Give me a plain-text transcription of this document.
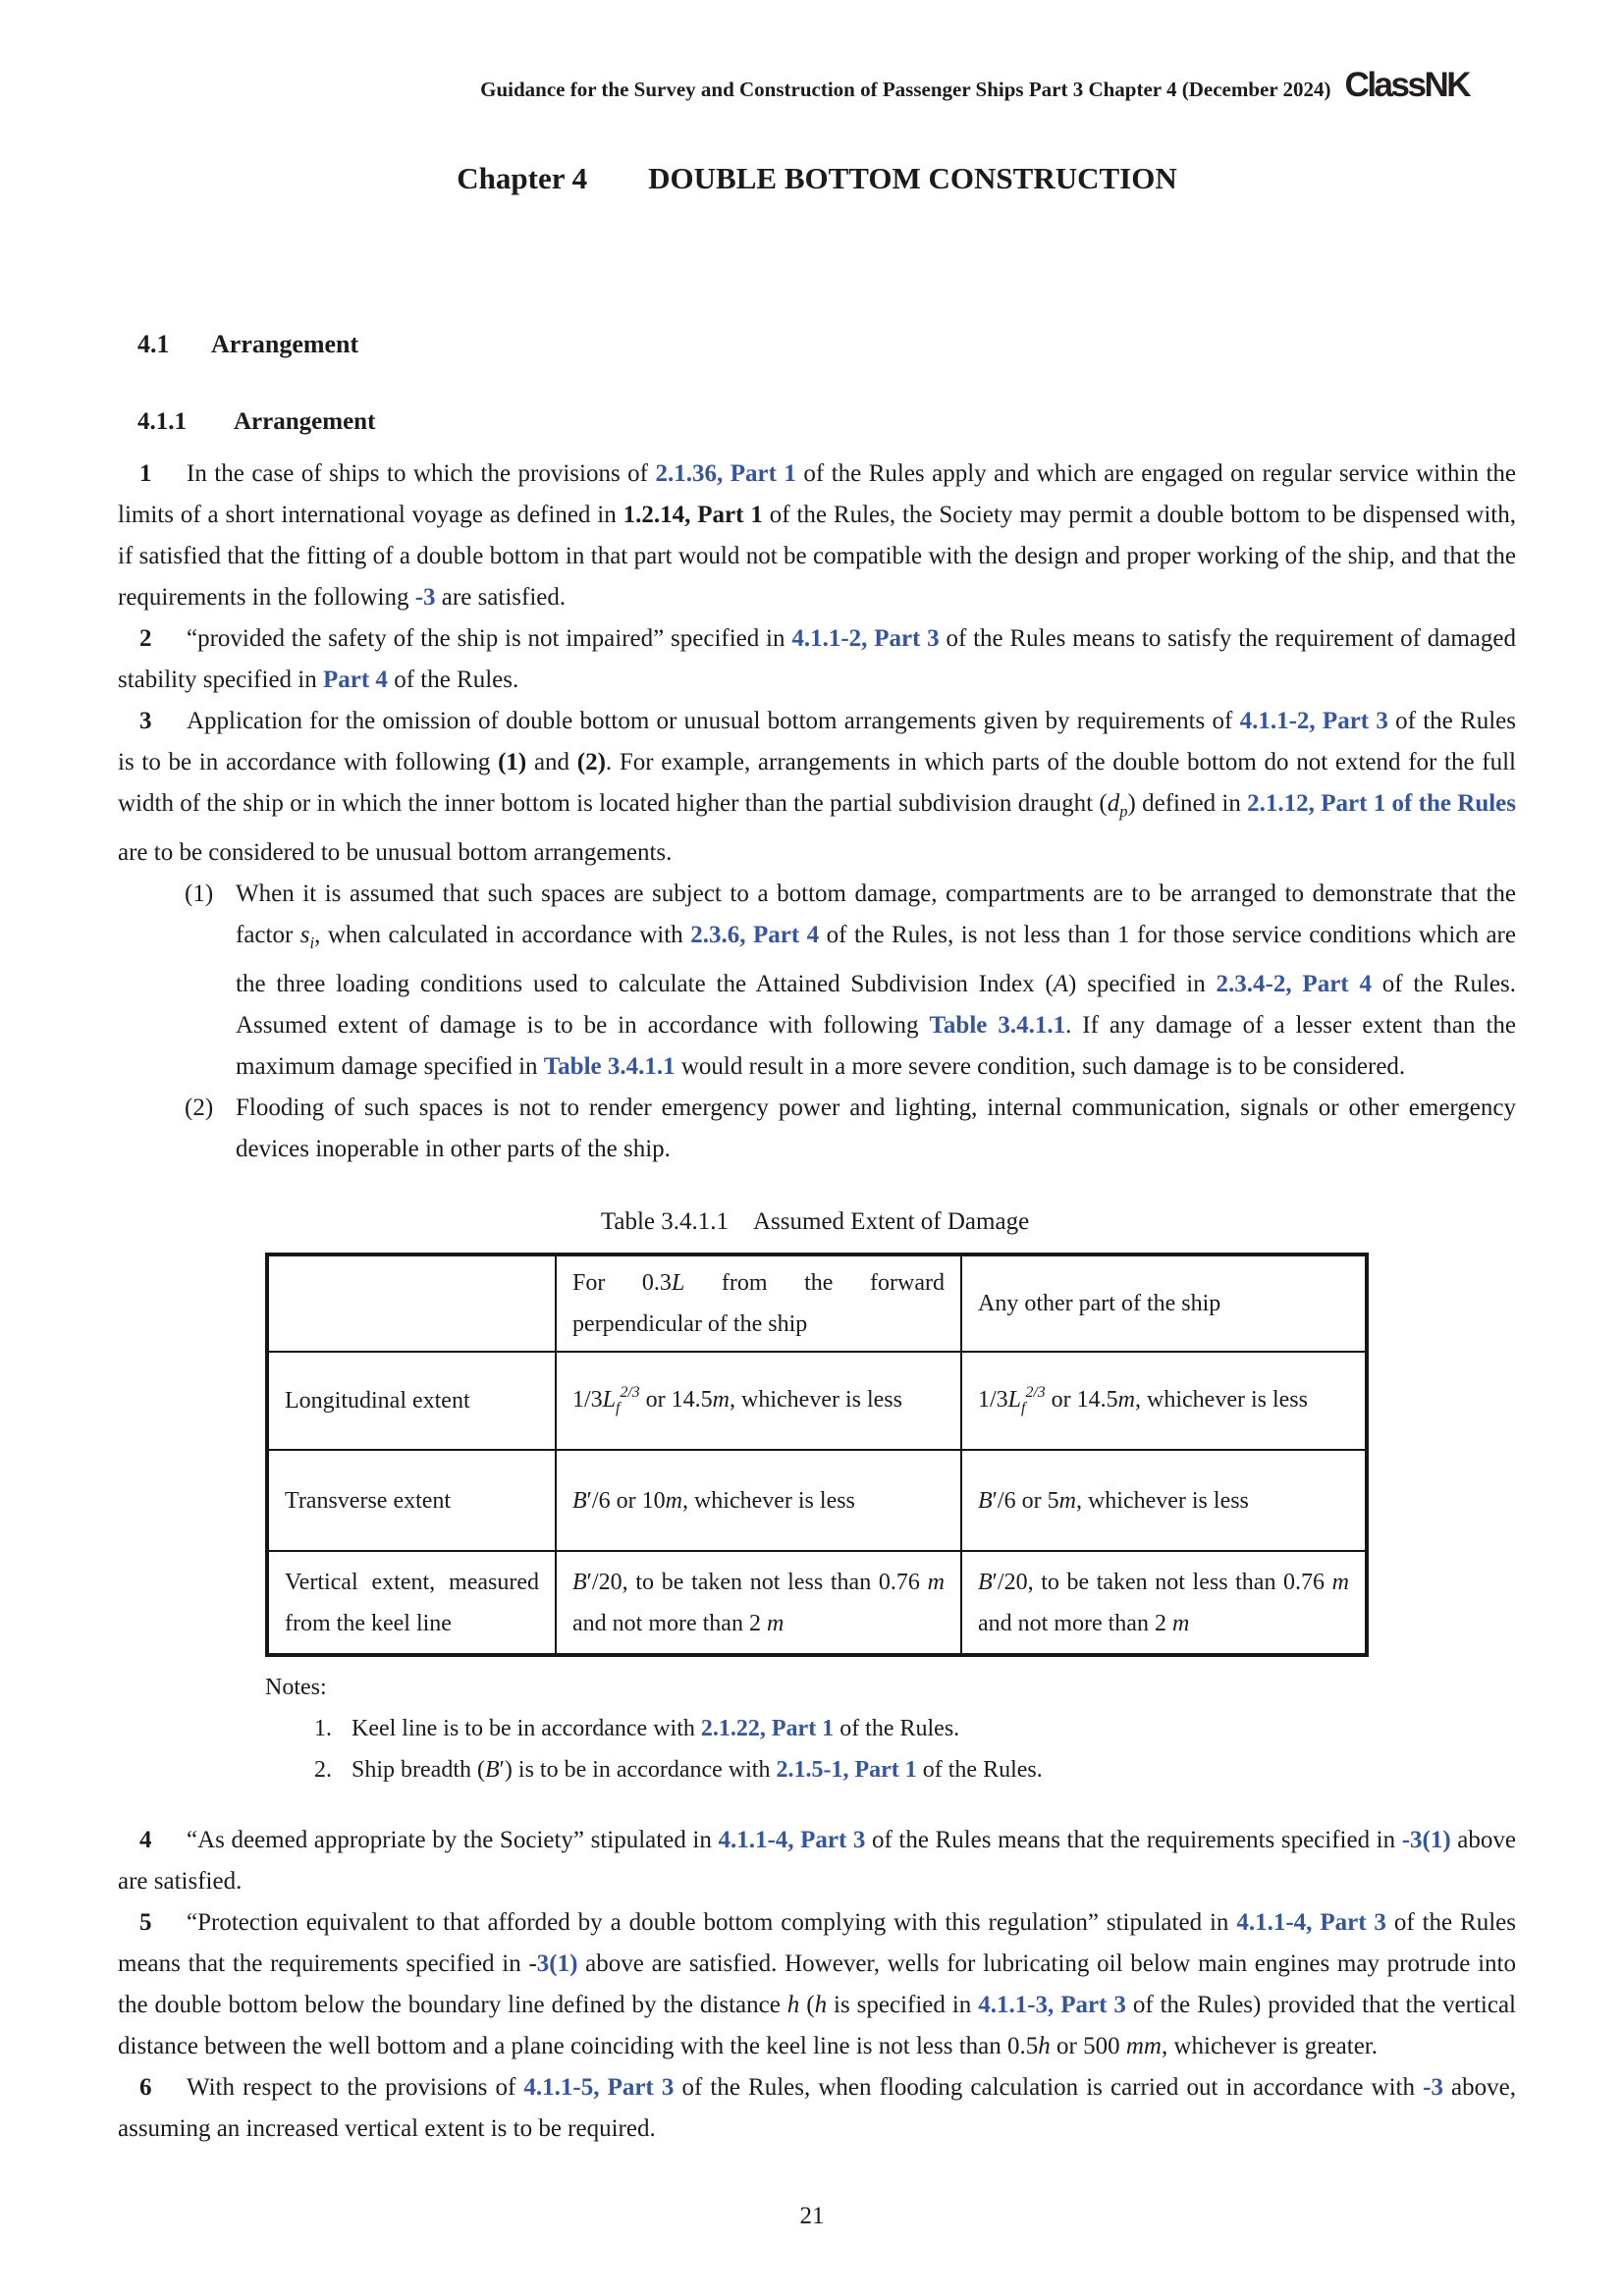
Guidance for the Survey and Construction of Passenger Ships Part 3 Chapter 4 (December 2024) ClassNK
Chapter 4 DOUBLE BOTTOM CONSTRUCTION
4.1 Arrangement
4.1.1 Arrangement

1 In the case of ships to which the provisions of 2.1.36, Part 1 of the Rules apply and which are engaged on regular service within the limits of a short international voyage as defined in 1.2.14, Part 1 of the Rules, the Society may permit a double bottom to be dispensed with, if satisfied that the fitting of a double bottom in that part would not be compatible with the design and proper working of the ship, and that the requirements in the following -3 are satisfied.

2 “provided the safety of the ship is not impaired” specified in 4.1.1-2, Part 3 of the Rules means to satisfy the requirement of damaged stability specified in Part 4 of the Rules.

3 Application for the omission of double bottom or unusual bottom arrangements given by requirements of 4.1.1-2, Part 3 of the Rules is to be in accordance with following (1) and (2). For example, arrangements in which parts of the double bottom do not extend for the full width of the ship or in which the inner bottom is located higher than the partial subdivision draught $(d_p)$ defined in 2.1.12, Part 1 of the Rules are to be considered to be unusual bottom arrangements.

(1) When it is assumed that such spaces are subject to a bottom damage, compartments are to be arranged to demonstrate that the factor $s_i$, when calculated in accordance with 2.3.6, Part 4 of the Rules, is not less than 1 for those service conditions which are the three loading conditions used to calculate the Attained Subdivision Index (A) specified in 2.3.4-2, Part 4 of the Rules. Assumed extent of damage is to be in accordance with following Table 3.4.1.1. If any damage of a lesser extent than the maximum damage specified in Table 3.4.1.1 would result in a more severe condition, such damage is to be considered.

(2) Flooding of such spaces is not to render emergency power and lighting, internal communication, signals or other emergency devices inoperable in other parts of the ship.

Table 3.4.1.1  Assumed Extent of Damage
	For 0.3L from the forward perpendicular of the ship	Any other part of the ship
Longitudinal extent	$1/3L_f^{2/3}$ or 14.5m, whichever is less	$1/3L_f^{2/3}$ or 14.5m, whichever is less
Transverse extent	B′/6 or 10m, whichever is less	B′/6 or 5m, whichever is less
Vertical extent, measured from the keel line	B′/20, to be taken not less than 0.76 m and not more than 2 m	B′/20, to be taken not less than 0.76 m and not more than 2 m
Notes:
1. Keel line is to be in accordance with 2.1.22, Part 1 of the Rules.
2. Ship breadth (B′) is to be in accordance with 2.1.5-1, Part 1 of the Rules.

4 “As deemed appropriate by the Society” stipulated in 4.1.1-4, Part 3 of the Rules means that the requirements specified in -3(1) above are satisfied.

5 “Protection equivalent to that afforded by a double bottom complying with this regulation” stipulated in 4.1.1-4, Part 3 of the Rules means that the requirements specified in -3(1) above are satisfied. However, wells for lubricating oil below main engines may protrude into the double bottom below the boundary line defined by the distance h (h is specified in 4.1.1-3, Part 3 of the Rules) provided that the vertical distance between the well bottom and a plane coinciding with the keel line is not less than 0.5h or 500 mm, whichever is greater.

6 With respect to the provisions of 4.1.1-5, Part 3 of the Rules, when flooding calculation is carried out in accordance with -3 above, assuming an increased vertical extent is to be required.

21
